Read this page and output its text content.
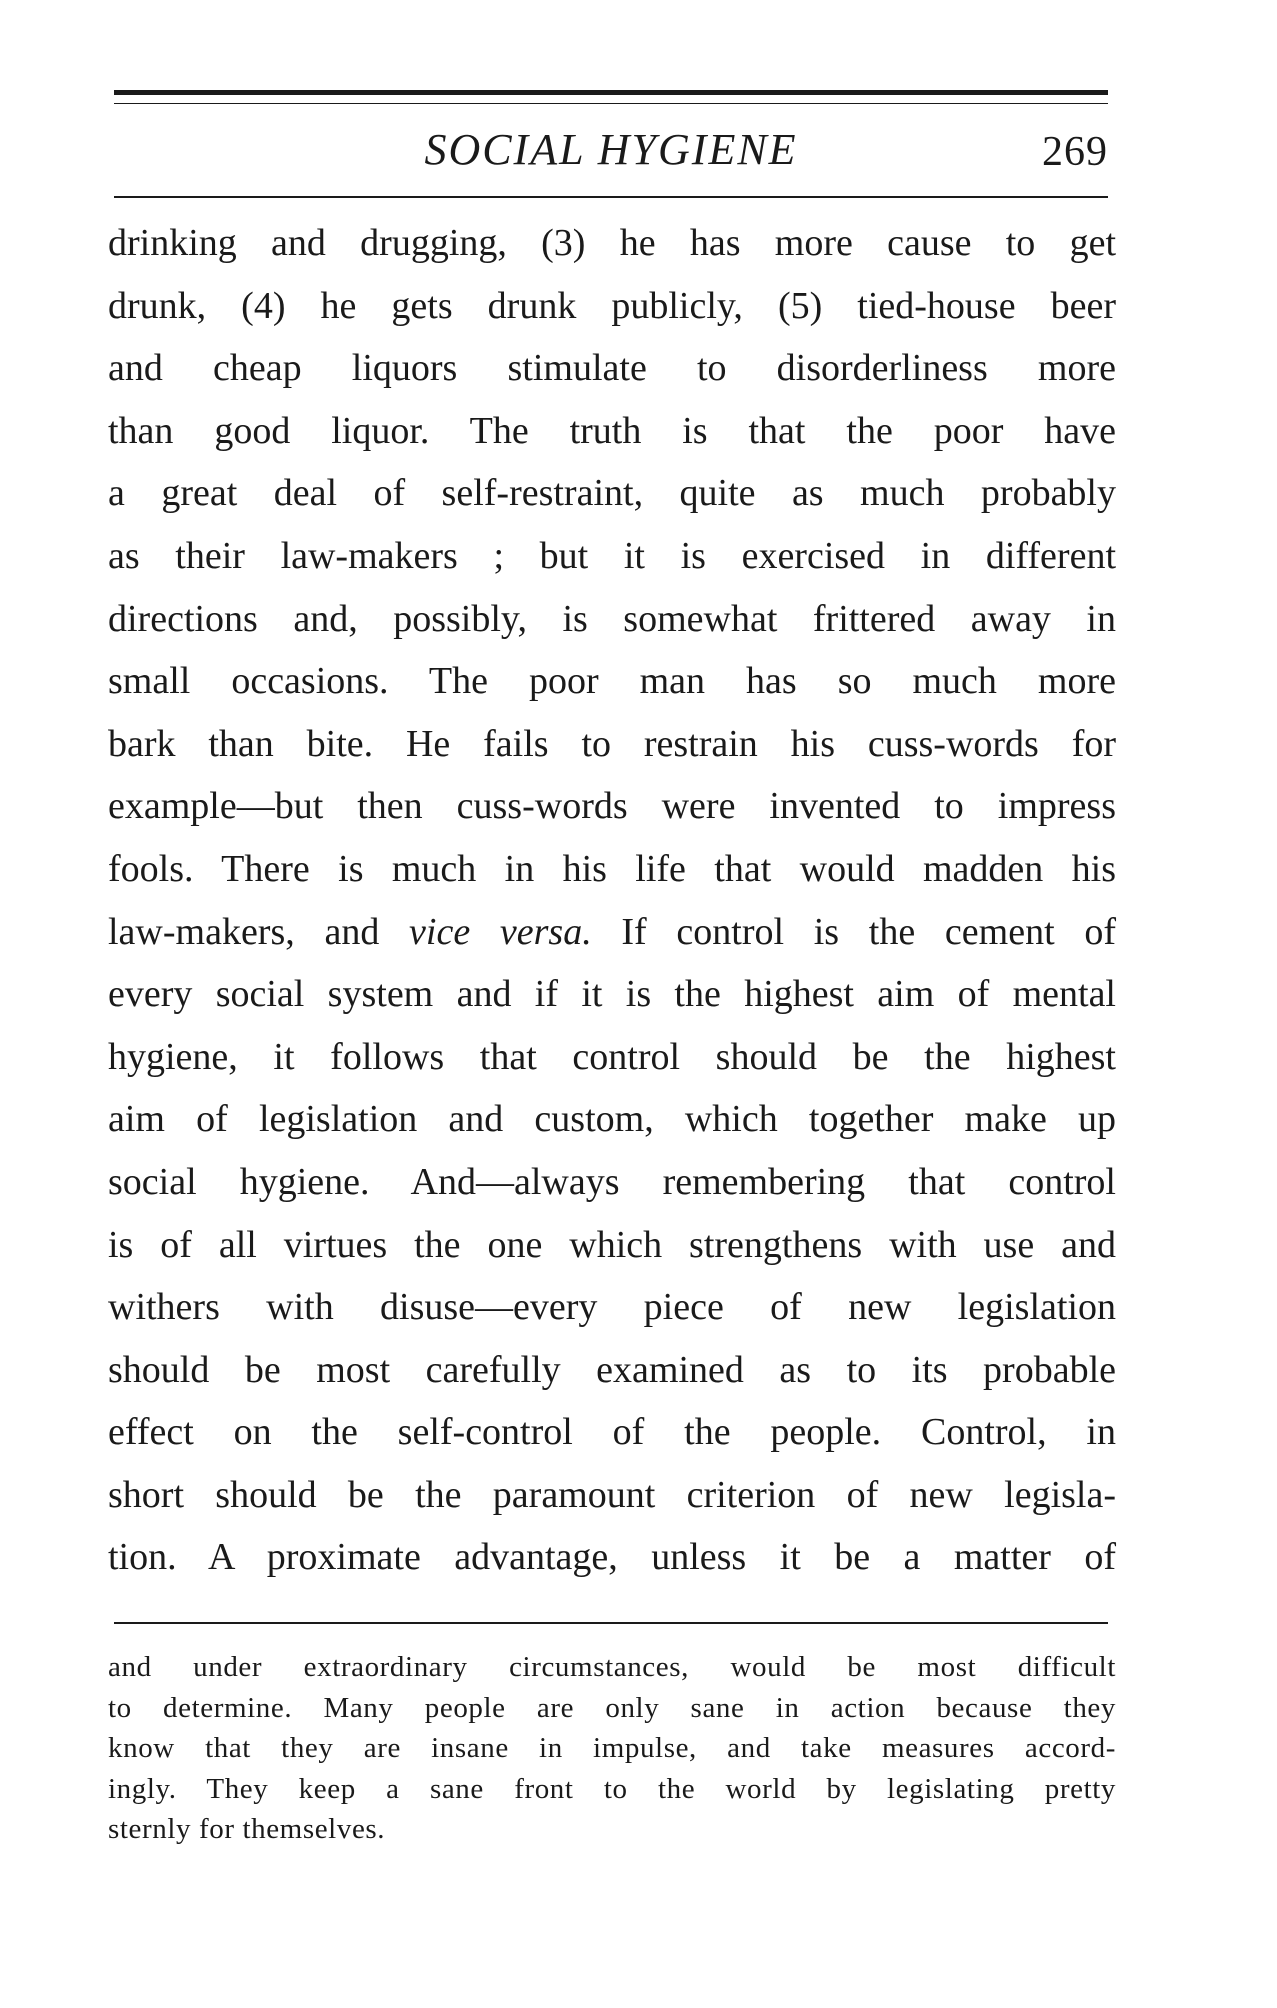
SOCIAL HYGIENE	269
drinking and drugging, (3) he has more cause to get
drunk, (4) he gets drunk publicly, (5) tied-house beer
and cheap liquors stimulate to disorderliness more
than good liquor. The truth is that the poor have
a great deal of self-restraint, quite as much probably
as their law-makers ; but it is exercised in different
directions and, possibly, is somewhat frittered away in
small occasions. The poor man has so much more
bark than bite. He fails to restrain his cuss-words for
example—but then cuss-words were invented to impress
fools. There is much in his life that would madden his
law-makers, and vice versa. If control is the cement of
every social system and if it is the highest aim of mental
hygiene, it follows that control should be the highest
aim of legislation and custom, which together make up
social hygiene. And—always remembering that control
is of all virtues the one which strengthens with use and
withers with disuse—every piece of new legislation
should be most carefully examined as to its probable
effect on the self-control of the people. Control, in
short should be the paramount criterion of new legisla-
tion. A proximate advantage, unless it be a matter of
and under extraordinary circumstances, would be most difficult
to determine. Many people are only sane in action because they
know that they are insane in impulse, and take measures accord-
ingly. They keep a sane front to the world by legislating pretty
sternly for themselves.
